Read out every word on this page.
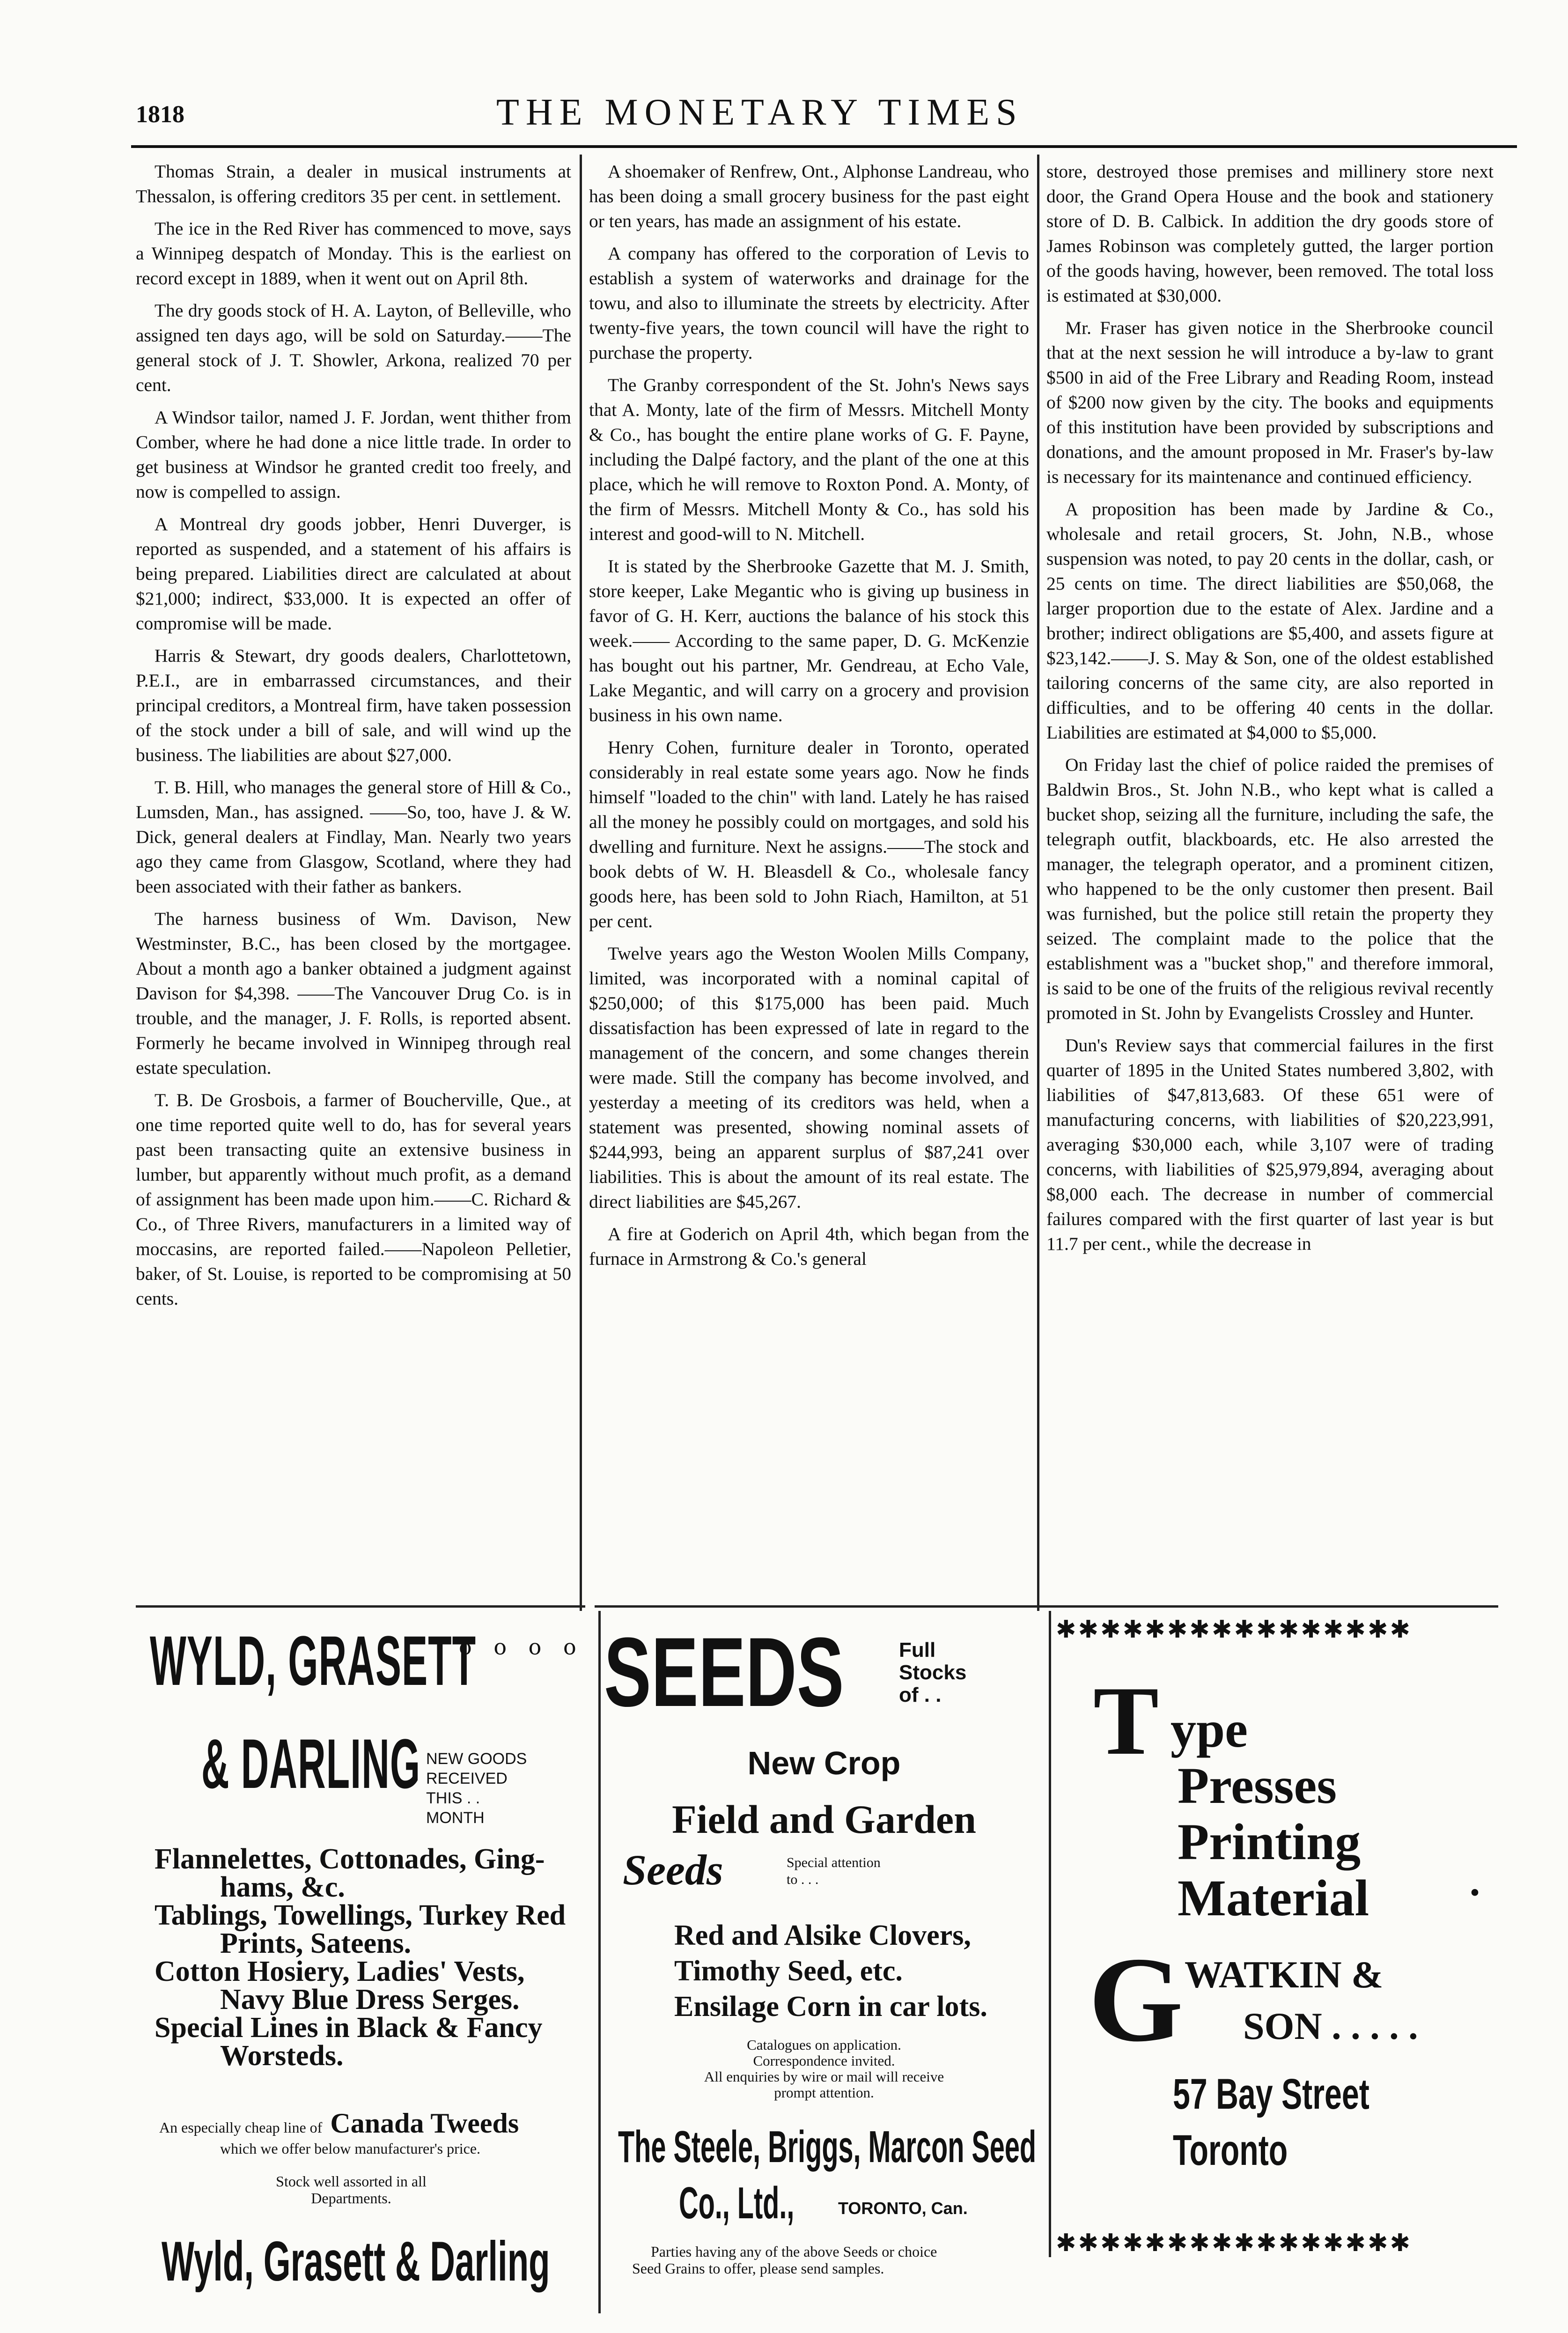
1818	THE MONETARY TIMES

Thomas Strain, a dealer in musical instruments at Thessalon, is offering creditors 35 per cent. in settlement.

The ice in the Red River has commenced to move, says a Winnipeg despatch of Monday. This is the earliest on record except in 1889, when it went out on April 8th.

The dry goods stock of H. A. Layton, of Belleville, who assigned ten days ago, will be sold on Saturday.——The general stock of J. T. Showler, Arkona, realized 70 per cent.

A Windsor tailor, named J. F. Jordan, went thither from Comber, where he had done a nice little trade. In order to get business at Windsor he granted credit too freely, and now is compelled to assign.

A Montreal dry goods jobber, Henri Duverger, is reported as suspended, and a statement of his affairs is being prepared. Liabilities direct are calculated at about $21,000; indirect, $33,000. It is expected an offer of compromise will be made.

Harris & Stewart, dry goods dealers, Charlottetown, P.E.I., are in embarrassed circumstances, and their principal creditors, a Montreal firm, have taken possession of the stock under a bill of sale, and will wind up the business. The liabilities are about $27,000.

T. B. Hill, who manages the general store of Hill & Co., Lumsden, Man., has assigned. ——So, too, have J. & W. Dick, general dealers at Findlay, Man. Nearly two years ago they came from Glasgow, Scotland, where they had been associated with their father as bankers.

The harness business of Wm. Davison, New Westminster, B.C., has been closed by the mortgagee. About a month ago a banker obtained a judgment against Davison for $4,398. ——The Vancouver Drug Co. is in trouble, and the manager, J. F. Rolls, is reported absent. Formerly he became involved in Winnipeg through real estate speculation.

T. B. De Grosbois, a farmer of Boucherville, Que., at one time reported quite well to do, has for several years past been transacting quite an extensive business in lumber, but apparently without much profit, as a demand of assignment has been made upon him.——C. Richard & Co., of Three Rivers, manufacturers in a limited way of moccasins, are reported failed.——Napoleon Pelletier, baker, of St. Louise, is reported to be compromising at 50 cents.

A shoemaker of Renfrew, Ont., Alphonse Landreau, who has been doing a small grocery business for the past eight or ten years, has made an assignment of his estate.

A company has offered to the corporation of Levis to establish a system of waterworks and drainage for the towu, and also to illuminate the streets by electricity. After twenty-five years, the town council will have the right to purchase the property.

The Granby correspondent of the St. John's News says that A. Monty, late of the firm of Messrs. Mitchell Monty & Co., has bought the entire plane works of G. F. Payne, including the Dalpé factory, and the plant of the one at this place, which he will remove to Roxton Pond. A. Monty, of the firm of Messrs. Mitchell Monty & Co., has sold his interest and good-will to N. Mitchell.

It is stated by the Sherbrooke Gazette that M. J. Smith, store keeper, Lake Megantic who is giving up business in favor of G. H. Kerr, auctions the balance of his stock this week.—— According to the same paper, D. G. McKenzie has bought out his partner, Mr. Gendreau, at Echo Vale, Lake Megantic, and will carry on a grocery and provision business in his own name.

Henry Cohen, furniture dealer in Toronto, operated considerably in real estate some years ago. Now he finds himself "loaded to the chin" with land. Lately he has raised all the money he possibly could on mortgages, and sold his dwelling and furniture. Next he assigns.——The stock and book debts of W. H. Bleasdell & Co., wholesale fancy goods here, has been sold to John Riach, Hamilton, at 51 per cent.

Twelve years ago the Weston Woolen Mills Company, limited, was incorporated with a nominal capital of $250,000; of this $175,000 has been paid. Much dissatisfaction has been expressed of late in regard to the management of the concern, and some changes therein were made. Still the company has become involved, and yesterday a meeting of its creditors was held, when a statement was presented, showing nominal assets of $244,993, being an apparent surplus of $87,241 over liabilities. This is about the amount of its real estate. The direct liabilities are $45,267.

A fire at Goderich on April 4th, which began from the furnace in Armstrong & Co.'s general

store, destroyed those premises and millinery store next door, the Grand Opera House and the book and stationery store of D. B. Calbick. In addition the dry goods store of James Robinson was completely gutted, the larger portion of the goods having, however, been removed. The total loss is estimated at $30,000.

Mr. Fraser has given notice in the Sherbrooke council that at the next session he will introduce a by-law to grant $500 in aid of the Free Library and Reading Room, instead of $200 now given by the city. The books and equipments of this institution have been provided by subscriptions and donations, and the amount proposed in Mr. Fraser's by-law is necessary for its maintenance and continued efficiency.

A proposition has been made by Jardine & Co., wholesale and retail grocers, St. John, N.B., whose suspension was noted, to pay 20 cents in the dollar, cash, or 25 cents on time. The direct liabilities are $50,068, the larger proportion due to the estate of Alex. Jardine and a brother; indirect obligations are $5,400, and assets figure at $23,142.——J. S. May & Son, one of the oldest established tailoring concerns of the same city, are also reported in difficulties, and to be offering 40 cents in the dollar. Liabilities are estimated at $4,000 to $5,000.

On Friday last the chief of police raided the premises of Baldwin Bros., St. John N.B., who kept what is called a bucket shop, seizing all the furniture, including the safe, the telegraph outfit, blackboards, etc. He also arrested the manager, the telegraph operator, and a prominent citizen, who happened to be the only customer then present. Bail was furnished, but the police still retain the property they seized. The complaint made to the police that the establishment was a "bucket shop," and therefore immoral, is said to be one of the fruits of the religious revival recently promoted in St. John by Evangelists Crossley and Hunter.

Dun's Review says that commercial failures in the first quarter of 1895 in the United States numbered 3,802, with liabilities of $47,813,683. Of these 651 were of manufacturing concerns, with liabilities of $20,223,991, averaging $30,000 each, while 3,107 were of trading concerns, with liabilities of $25,979,894, averaging about $8,000 each. The decrease in number of commercial failures compared with the first quarter of last year is but 11.7 per cent., while the decrease in

WYLD, GRASETT
o o o o
& DARLING NEW GOODS
RECEIVED
THIS . .
MONTH
Flannelettes, Cottonades, Ging-
hams, &c.
Tablings, Towellings, Turkey Red
Prints, Sateens.
Cotton Hosiery, Ladies' Vests,
Navy Blue Dress Serges.
Special Lines in Black & Fancy
Worsteds.
An especially cheap line of Canada Tweeds
which we offer below manufacturer's price.
Stock well assorted in all
Departments.
Wyld, Grasett & Darling
SEEDS	Full
Stocks
of . .
New Crop
Field and Garden
Seeds	Special attention
to . . .
Red and Alsike Clovers,
Timothy Seed, etc.
Ensilage Corn in car lots.
Catalogues on application.
Correspondence invited.
All enquiries by wire or mail will receive
prompt attention.
The Steele, Briggs, Marcon Seed
Co., Ltd.,	TORONTO, Can.
Parties having any of the above Seeds or choice
Seed Grains to offer, please send samples.
✱✱✱✱✱✱✱✱✱✱✱✱✱✱✱✱
T ype
Presses
Printing
Material ·
G WATKIN &
SON . . . . .
57 Bay Street
Toronto
✱✱✱✱✱✱✱✱✱✱✱✱✱✱✱✱
